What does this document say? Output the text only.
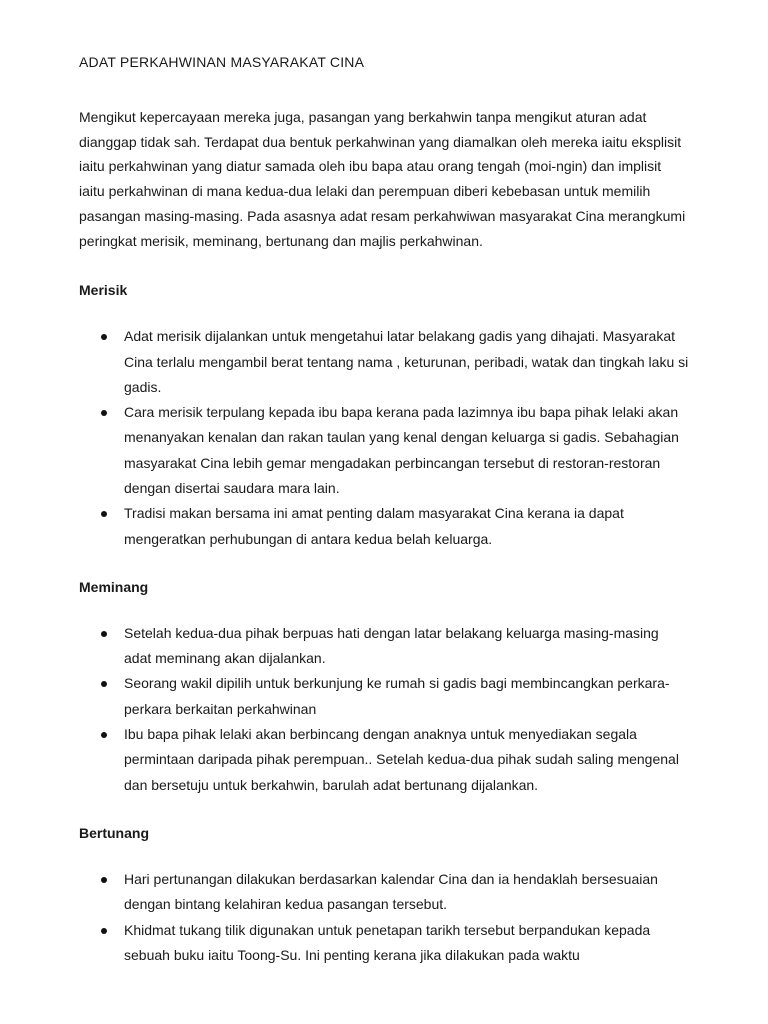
ADAT PERKAHWINAN MASYARAKAT CINA

Mengikut kepercayaan mereka juga, pasangan yang berkahwin tanpa mengikut aturan adat dianggap tidak sah. Terdapat dua bentuk perkahwinan yang diamalkan oleh mereka iaitu eksplisit iaitu perkahwinan yang diatur samada oleh ibu bapa atau orang tengah (moi-ngin) dan implisit iaitu perkahwinan di mana kedua-dua lelaki dan perempuan diberi kebebasan untuk memilih pasangan masing-masing. Pada asasnya adat resam perkahwiwan masyarakat Cina merangkumi peringkat merisik, meminang, bertunang dan majlis perkahwinan.

Merisik
Adat merisik dijalankan untuk mengetahui latar belakang gadis yang dihajati. Masyarakat Cina terlalu mengambil berat tentang nama , keturunan, peribadi, watak dan tingkah laku si gadis.
Cara merisik terpulang kepada ibu bapa kerana pada lazimnya ibu bapa pihak lelaki akan menanyakan kenalan dan rakan taulan yang kenal dengan keluarga si gadis. Sebahagian masyarakat Cina lebih gemar mengadakan perbincangan tersebut di restoran-restoran dengan disertai saudara mara lain.
Tradisi makan bersama ini amat penting dalam masyarakat Cina kerana ia dapat mengeratkan perhubungan di antara kedua belah keluarga.
Meminang
Setelah kedua-dua pihak berpuas hati dengan latar belakang keluarga masing-masing adat meminang akan dijalankan.
Seorang wakil dipilih untuk berkunjung ke rumah si gadis bagi membincangkan perkara-perkara berkaitan perkahwinan
Ibu bapa pihak lelaki akan berbincang dengan anaknya untuk menyediakan segala permintaan daripada pihak perempuan.. Setelah kedua-dua pihak sudah saling mengenal dan bersetuju untuk berkahwin, barulah adat bertunang dijalankan.
Bertunang
Hari pertunangan dilakukan berdasarkan kalendar Cina dan ia hendaklah bersesuaian dengan bintang kelahiran kedua pasangan tersebut.
Khidmat tukang tilik digunakan untuk penetapan tarikh tersebut berpandukan kepada sebuah buku iaitu Toong-Su. Ini penting kerana jika dilakukan pada waktu
